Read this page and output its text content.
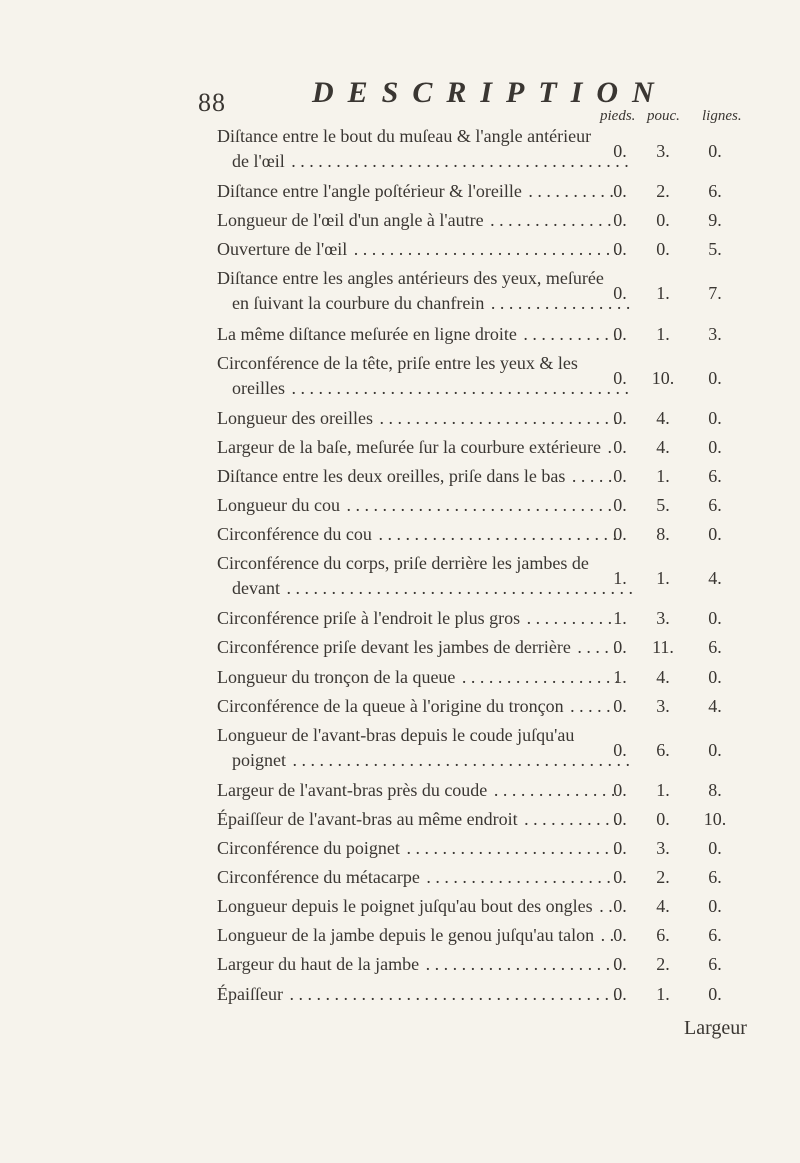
88	DESCRIPTION
pieds. pouc. lignes.
Diſtance entre le bout du muſeau & l'angle antérieur
de l'œil . . .	0.	3.	0.
Diſtance entre l'angle poſtérieur & l'oreille . . .	0.	2.	6.
Longueur de l'œil d'un angle à l'autre . . .	0.	0.	9.
Ouverture de l'œil . . .	0.	0.	5.
Diſtance entre les angles antérieurs des yeux, meſurée
en ſuivant la courbure du chanfrein . . .	0.	1.	7.
La même diſtance meſurée en ligne droite . . .	0.	1.	3.
Circonférence de la tête, priſe entre les yeux & les
oreilles . . .	0.	10.	0.
Longueur des oreilles . . .	0.	4.	0.
Largeur de la baſe, meſurée ſur la courbure extérieure . . . 0.	4.	0.
Diſtance entre les deux oreilles, priſe dans le bas . . .	0.	1.	6.
Longueur du cou . . .	0.	5.	6.
Circonférence du cou . . .	0.	8.	0.
Circonférence du corps, priſe derrière les jambes de
devant . . .	1.	1.	4.
Circonférence priſe à l'endroit le plus gros . . .	1.	3.	0.
Circonférence priſe devant les jambes de derrière . . .	0.	11.	6.
Longueur du tronçon de la queue . . .	1.	4.	0.
Circonférence de la queue à l'origine du tronçon . . .	0.	3.	4.
Longueur de l'avant-bras depuis le coude juſqu'au
poignet . . .	0.	6.	0.
Largeur de l'avant-bras près du coude . . .	0.	1.	8.
Épaiſſeur de l'avant-bras au même endroit . . .	0.	0.	10.
Circonférence du poignet . . .	0.	3.	0.
Circonférence du métacarpe . . .	0.	2.	6.
Longueur depuis le poignet juſqu'au bout des ongles . . .	0.	4.	0.
Longueur de la jambe depuis le genou juſqu'au talon . . .	0.	6.	6.
Largeur du haut de la jambe . . .	0.	2.	6.
Épaiſſeur . . .	0.	1.	0.
Largeur
